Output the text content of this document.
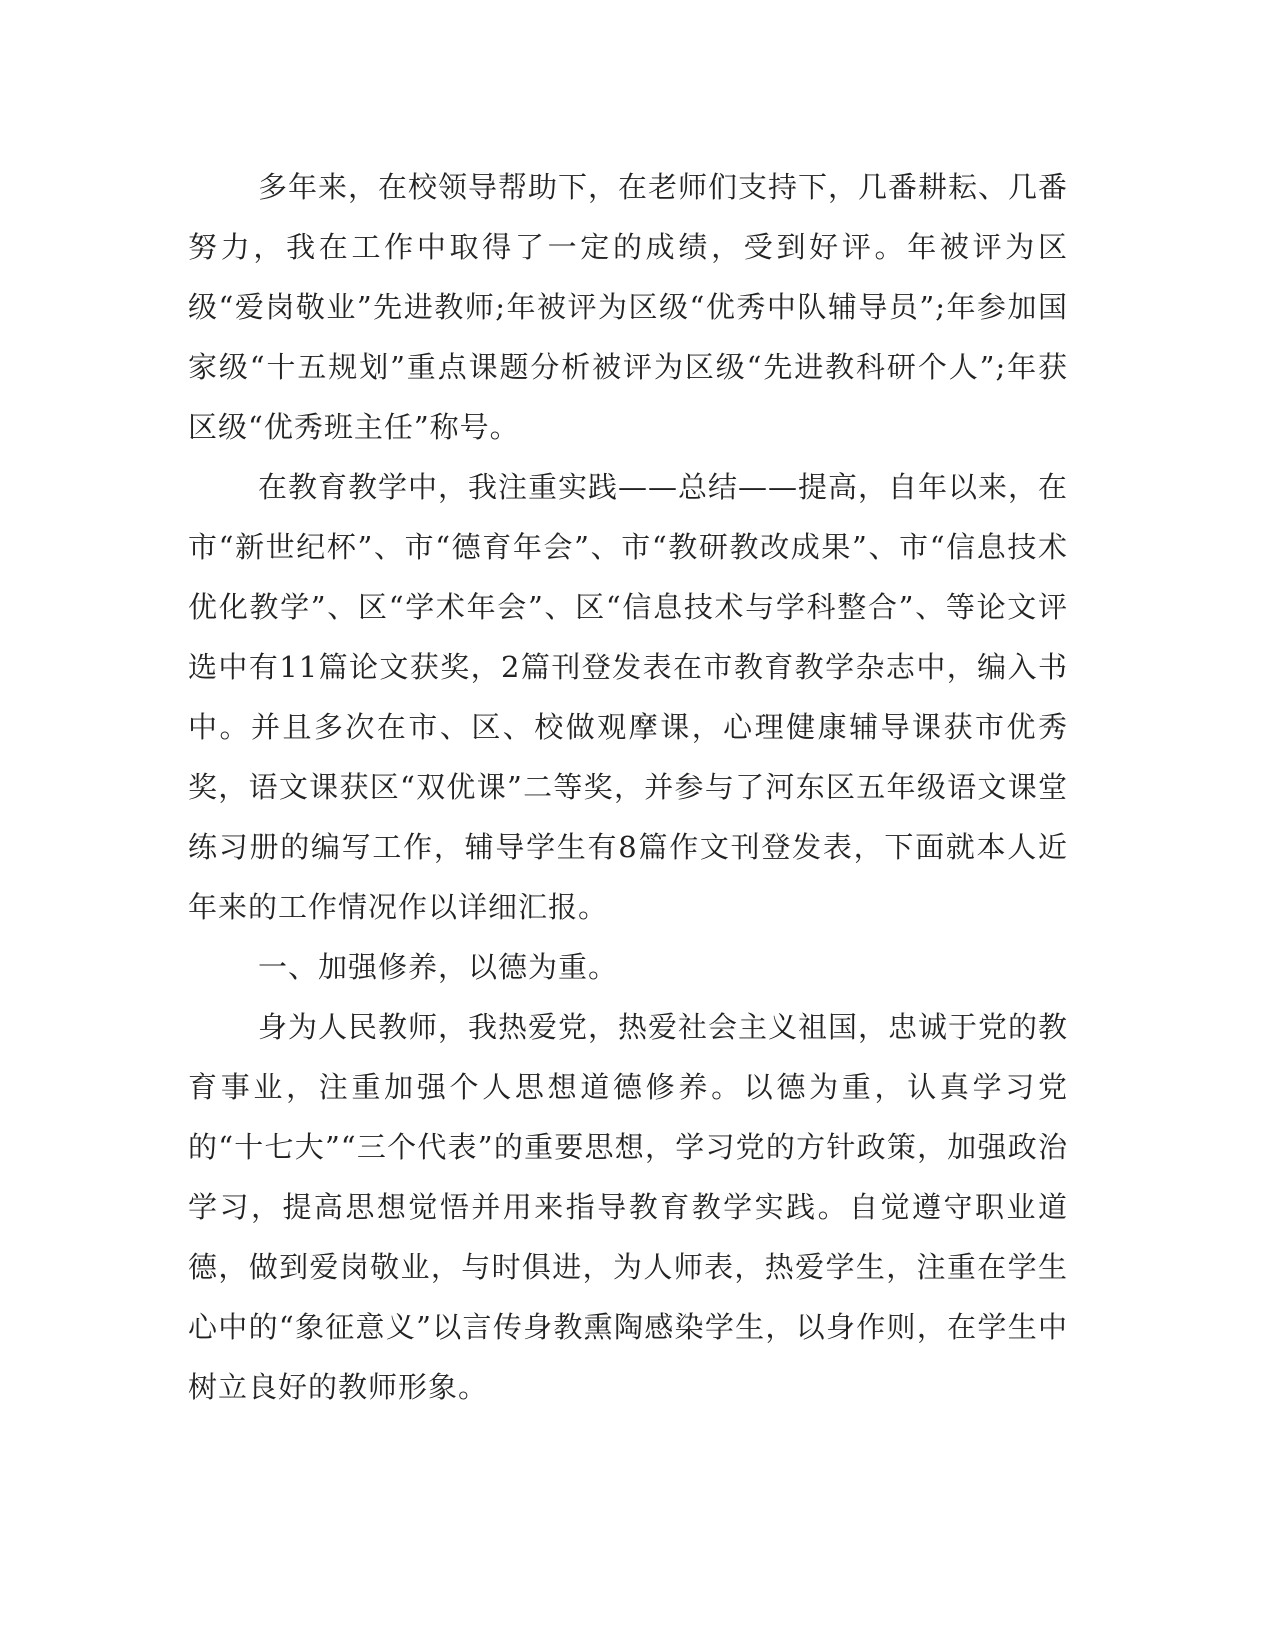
多年来，在校领导帮助下，在老师们支持下，几番耕耘、几番努力，我在工作中取得了一定的成绩，受到好评。年被评为区级“爱岗敬业”先进教师;年被评为区级“优秀中队辅导员”;年参加国家级“十五规划”重点课题分析被评为区级“先进教科研个人”;年获区级“优秀班主任”称号。

在教育教学中，我注重实践——总结——提高，自年以来，在市“新世纪杯”、市“德育年会”、市“教研教改成果”、市“信息技术优化教学”、区“学术年会”、区“信息技术与学科整合”、等论文评选中有11篇论文获奖，2篇刊登发表在市教育教学杂志中，编入书中。并且多次在市、区、校做观摩课，心理健康辅导课获市优秀奖，语文课获区“双优课”二等奖，并参与了河东区五年级语文课堂练习册的编写工作，辅导学生有8篇作文刊登发表，下面就本人近年来的工作情况作以详细汇报。

一、加强修养，以德为重。

身为人民教师，我热爱党，热爱社会主义祖国，忠诚于党的教育事业，注重加强个人思想道德修养。以德为重，认真学习党的“十七大”“三个代表”的重要思想，学习党的方针政策，加强政治学习，提高思想觉悟并用来指导教育教学实践。自觉遵守职业道德，做到爱岗敬业，与时俱进，为人师表，热爱学生，注重在学生心中的“象征意义”以言传身教熏陶感染学生，以身作则，在学生中树立良好的教师形象。
